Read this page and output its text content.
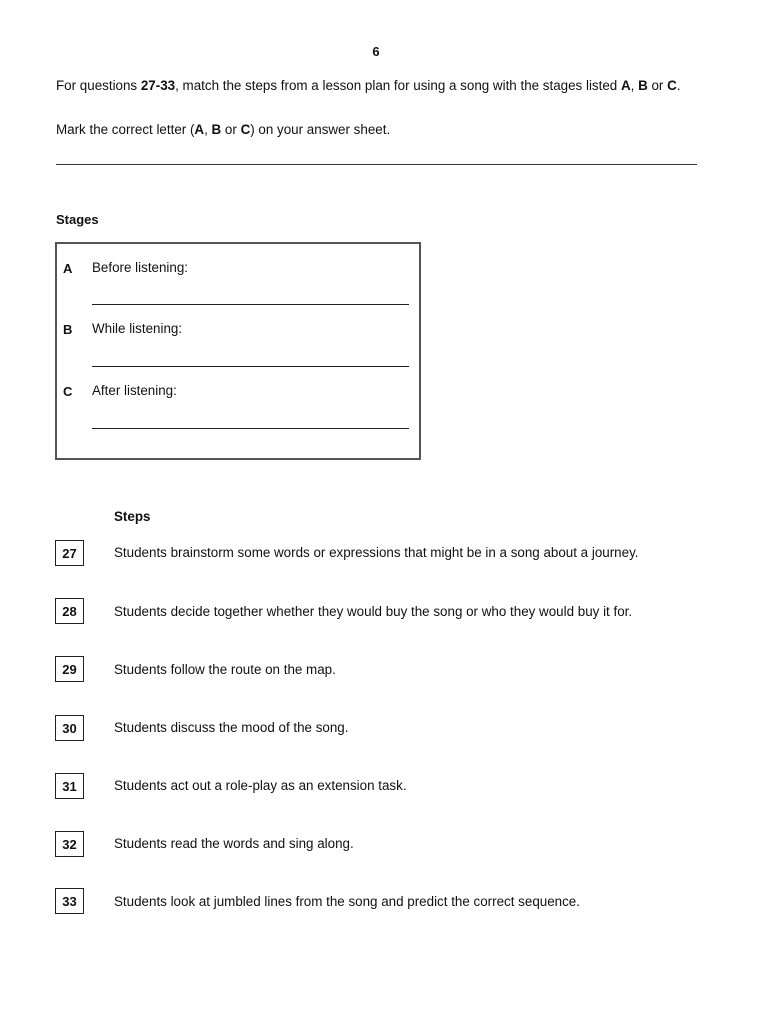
6
For questions 27-33, match the steps from a lesson plan for using a song with the stages listed A, B or C.
Mark the correct letter (A, B or C) on your answer sheet.
Stages
A Before listening:
B While listening:
C After listening:
Steps
27	Students brainstorm some words or expressions that might be in a song about a journey.
28	Students decide together whether they would buy the song or who they would buy it for.
29	Students follow the route on the map.
30	Students discuss the mood of the song.
31	Students act out a role-play as an extension task.
32	Students read the words and sing along.
33	Students look at jumbled lines from the song and predict the correct sequence.
